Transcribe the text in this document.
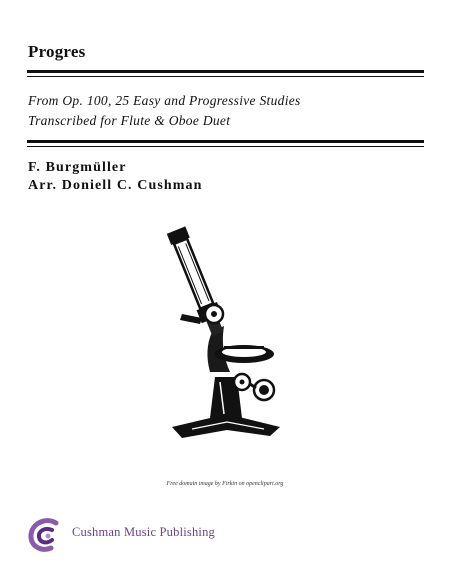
Progres
From Op. 100, 25 Easy and Progressive Studies
Transcribed for Flute & Oboe Duet
F. Burgmüller
Arr. Doniell C. Cushman
Free domain image by Firkin on openclipart.org
Cushman Music Publishing
